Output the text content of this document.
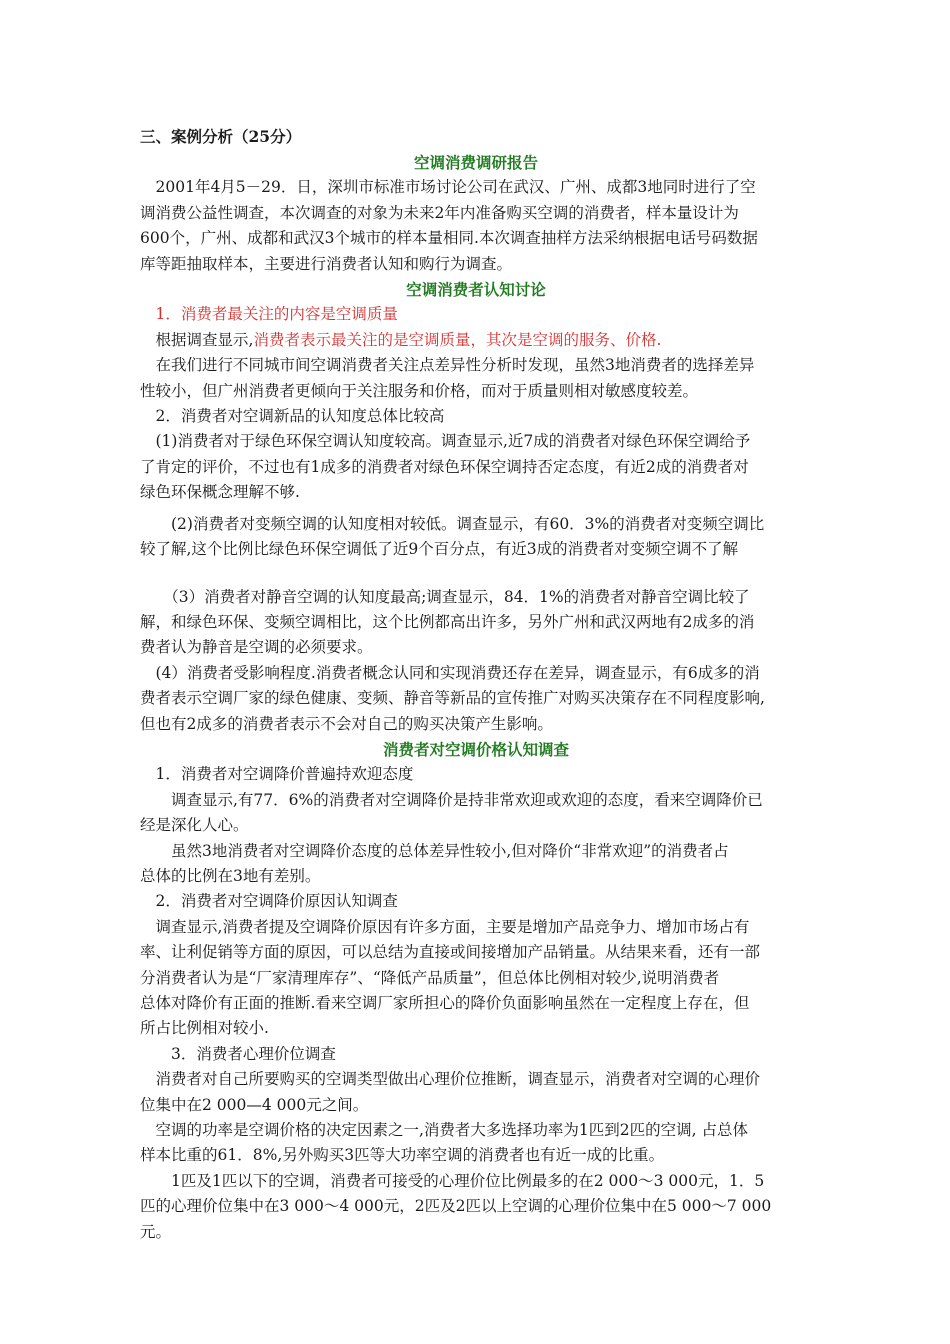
三、案例分析（25分）

空调消费调研报告

　2001年4月5－29．日，深圳市标准市场讨论公司在武汉、广州、成都3地同时进行了空

调消费公益性调查，本次调查的对象为未来2年内准备购买空调的消费者，样本量设计为

600个，广州、成都和武汉3个城市的样本量相同.本次调查抽样方法采纳根据电话号码数据

库等距抽取样本，主要进行消费者认知和购行为调查。

空调消费者认知讨论

　1．消费者最关注的内容是空调质量

　根据调查显示,消费者表示最关注的是空调质量，其次是空调的服务、价格.

　在我们进行不同城市间空调消费者关注点差异性分析时发现，虽然3地消费者的选择差异

性较小，但广州消费者更倾向于关注服务和价格，而对于质量则相对敏感度较差。

　2．消费者对空调新品的认知度总体比较高

　(1)消费者对于绿色环保空调认知度较高。调查显示,近7成的消费者对绿色环保空调给予

了肯定的评价，不过也有1成多的消费者对绿色环保空调持否定态度，有近2成的消费者对

绿色环保概念理解不够.

　　(2)消费者对变频空调的认知度相对较低。调查显示，有60．3%的消费者对变频空调比

较了解,这个比例比绿色环保空调低了近9个百分点，有近3成的消费者对变频空调不了解

　　（3）消费者对静音空调的认知度最高;调查显示，84．1%的消费者对静音空调比较了

解，和绿色环保、变频空调相比，这个比例都高出许多，另外广州和武汉两地有2成多的消

费者认为静音是空调的必须要求。

　(4）消费者受影响程度.消费者概念认同和实现消费还存在差异，调查显示，有6成多的消

费者表示空调厂家的绿色健康、变频、静音等新品的宣传推广对购买决策存在不同程度影响,

但也有2成多的消费者表示不会对自己的购买决策产生影响。

消费者对空调价格认知调查

　1．消费者对空调降价普遍持欢迎态度

　　调查显示,有77．6%的消费者对空调降价是持非常欢迎或欢迎的态度，看来空调降价已

经是深化人心。

　　虽然3地消费者对空调降价态度的总体差异性较小,但对降价“非常欢迎”的消费者占

总体的比例在3地有差别。

　2．消费者对空调降价原因认知调查

　调查显示,消费者提及空调降价原因有许多方面，主要是增加产品竞争力、增加市场占有

率、让利促销等方面的原因，可以总结为直接或间接增加产品销量。从结果来看，还有一部

分消费者认为是“厂家清理库存”、“降低产品质量”，但总体比例相对较少,说明消费者

总体对降价有正面的推断.看来空调厂家所担心的降价负面影响虽然在一定程度上存在，但

所占比例相对较小.

　　3．消费者心理价位调查

　消费者对自己所要购买的空调类型做出心理价位推断，调查显示，消费者对空调的心理价

位集中在2 000—4 000元之间。

　空调的功率是空调价格的决定因素之一,消费者大多选择功率为1匹到2匹的空调, 占总体

样本比重的61．8%,另外购买3匹等大功率空调的消费者也有近一成的比重。

　　1匹及1匹以下的空调，消费者可接受的心理价位比例最多的在2 000～3 000元，1．5

匹的心理价位集中在3 000～4 000元，2匹及2匹以上空调的心理价位集中在5 000～7 000

元。
